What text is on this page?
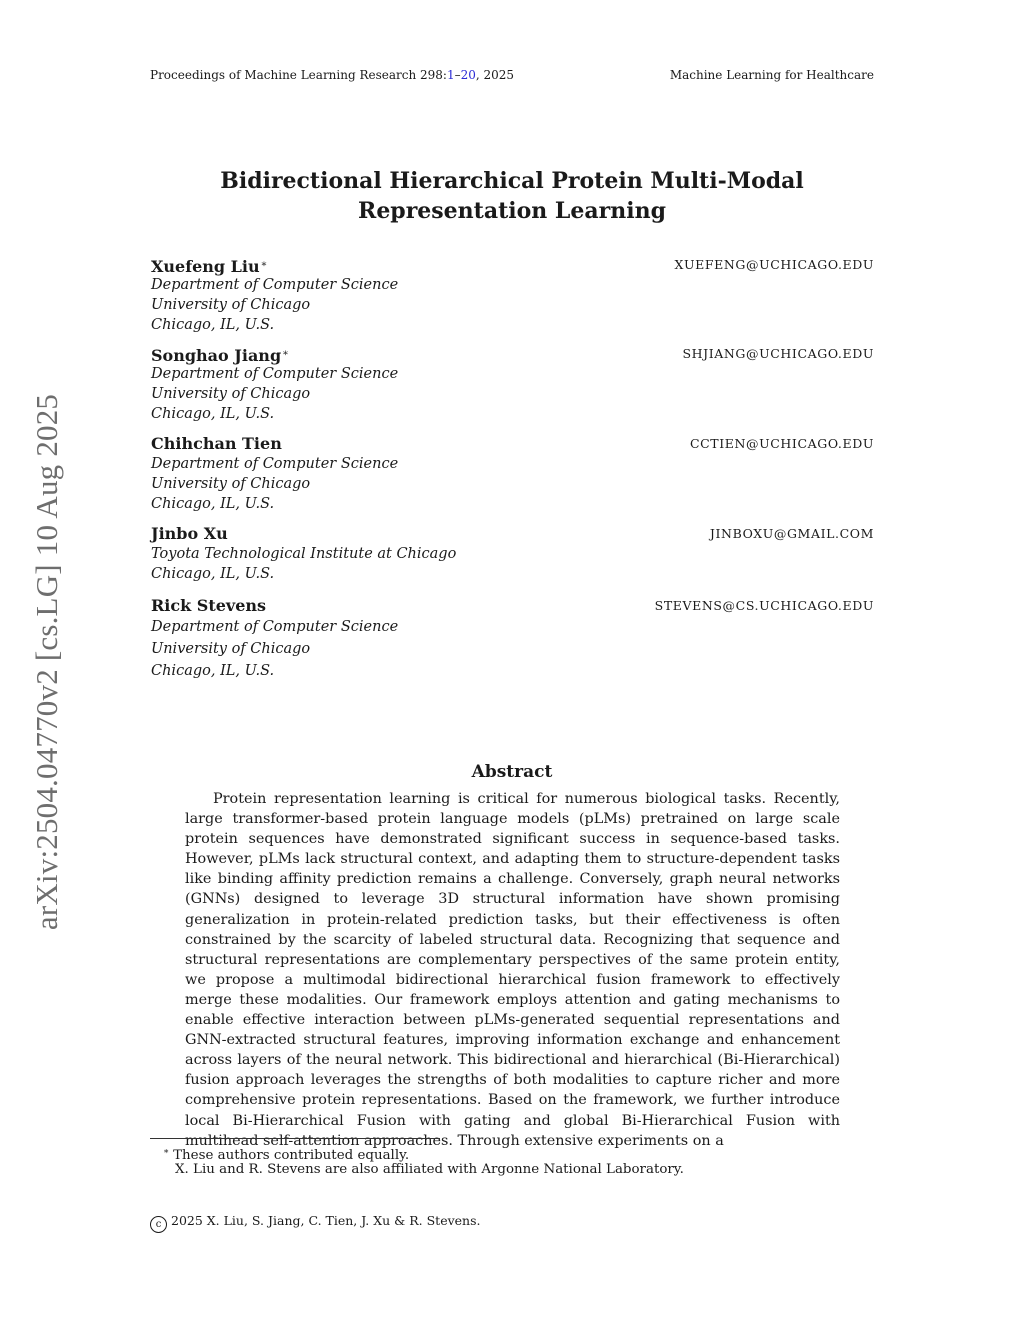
Proceedings of Machine Learning Research 298:1–20, 2025	Machine Learning for Healthcare
arXiv:2504.04770v2 [cs.LG] 10 Aug 2025
Bidirectional Hierarchical Protein Multi-Modal
Representation Learning
Xuefeng Liu∗	XUEFENG@UCHICAGO.EDU
Department of Computer Science
University of Chicago
Chicago, IL, U.S.
Songhao Jiang∗	SHJIANG@UCHICAGO.EDU
Department of Computer Science
University of Chicago
Chicago, IL, U.S.
Chihchan Tien	CCTIEN@UCHICAGO.EDU
Department of Computer Science
University of Chicago
Chicago, IL, U.S.
Jinbo Xu	JINBOXU@GMAIL.COM
Toyota Technological Institute at Chicago
Chicago, IL, U.S.
Rick Stevens	STEVENS@CS.UCHICAGO.EDU
Department of Computer Science
University of Chicago
Chicago, IL, U.S.
Abstract
Protein representation learning is critical for numerous biological tasks. Recently, large transformer-based protein language models (pLMs) pretrained on large scale protein sequences have demonstrated significant success in sequence-based tasks. However, pLMs lack structural context, and adapting them to structure-dependent tasks like binding affinity prediction remains a challenge. Conversely, graph neural networks (GNNs) designed to leverage 3D structural information have shown promising generalization in protein-related prediction tasks, but their effectiveness is often constrained by the scarcity of labeled structural data. Recognizing that sequence and structural representations are complementary perspectives of the same protein entity, we propose a multimodal bidirectional hierarchical fusion framework to effectively merge these modalities. Our framework employs attention and gating mechanisms to enable effective interaction between pLMs-generated sequential representations and GNN-extracted structural features, improving information exchange and enhancement across layers of the neural network. This bidirectional and hierarchical (Bi-Hierarchical) fusion approach leverages the strengths of both modalities to capture richer and more comprehensive protein representations. Based on the framework, we further introduce local Bi-Hierarchical Fusion with gating and global Bi-Hierarchical Fusion with multihead self-attention approaches. Through extensive experiments on a
∗ These authors contributed equally.
X. Liu and R. Stevens are also affiliated with Argonne National Laboratory.
c 2025 X. Liu, S. Jiang, C. Tien, J. Xu & R. Stevens.
